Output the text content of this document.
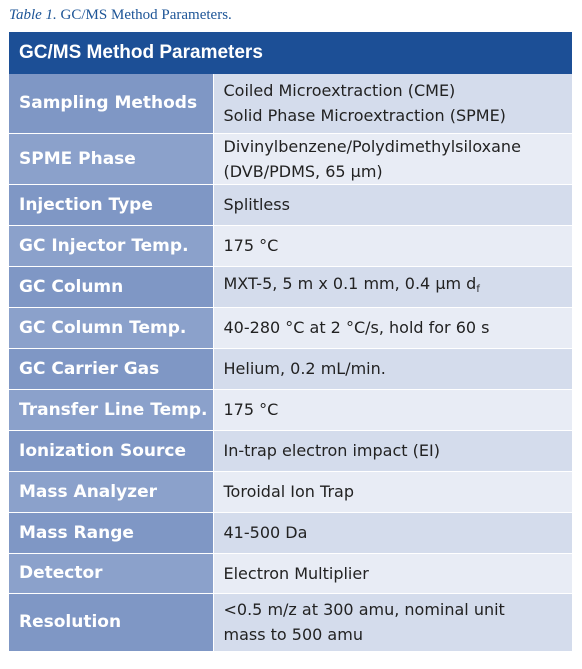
Table 1. GC/MS Method Parameters.
GC/MS Method Parameters
Sampling Methods	Coiled Microextraction (CME)
Solid Phase Microextraction (SPME)

SPME Phase	Divinylbenzene/Polydimethylsiloxane
(DVB/PDMS, 65 µm)

Injection Type	Splitless

GC Injector Temp.	175 °C

GC Column	MXT-5, 5 m x 0.1 mm, 0.4 µm $d_f$

GC Column Temp.	40-280 °C at 2 °C/s, hold for 60 s

GC Carrier Gas	Helium, 0.2 mL/min.

Transfer Line Temp.	175 °C

Ionization Source	In-trap electron impact (EI)

Mass Analyzer	Toroidal Ion Trap

Mass Range	41-500 Da

Detector	Electron Multiplier

Resolution	<0.5 m/z at 300 amu, nominal unit
mass to 500 amu
